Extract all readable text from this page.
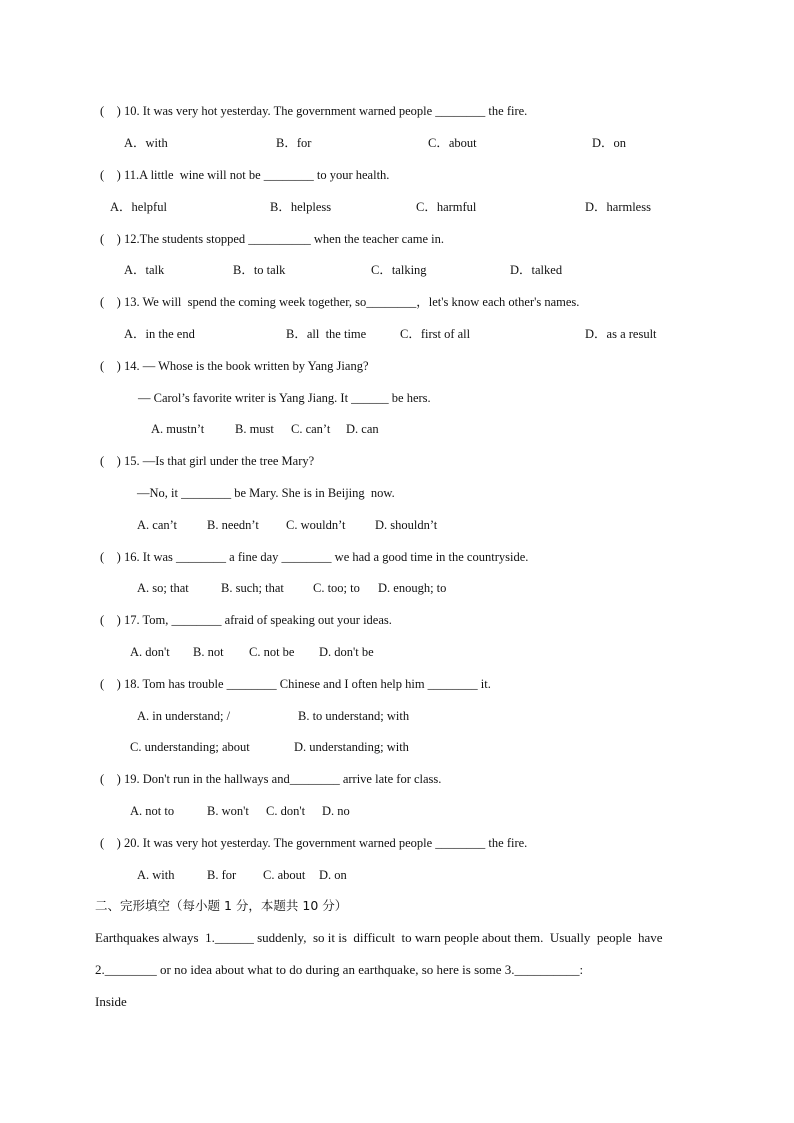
(    ) 10. It was very hot yesterday. The government warned people ________ the fire.
A．with	B．for	C．about	D．on
(    ) 11.A little  wine will not be ________ to your health.
A．helpful	B．helpless	C．harmful	D．harmless
(    ) 12.The students stopped __________ when the teacher came in.
A．talk	B．to talk	C．talking	D．talked
(    ) 13. We will  spend the coming week together, so________，let's know each other's names.
A．in the end	B．all  the time	C．first of all	D．as a result
(    ) 14. — Whose is the book written by Yang Jiang?
— Carol’s favorite writer is Yang Jiang. It ______ be hers.
A. mustn’t B. must C. can’t D. can
(    ) 15. —Is that girl under the tree Mary?
—No, it ________ be Mary. She is in Beijing  now.
A. can’t B. needn’t C. wouldn’t D. shouldn’t
(    ) 16. It was ________ a fine day ________ we had a good time in the countryside.
A. so; that	B. such; that C. too; to D. enough; to
(    ) 17. Tom, ________ afraid of speaking out your ideas.
A. don't B. not C. not be D. don't be
(    ) 18. Tom has trouble ________ Chinese and I often help him ________ it.
A. in understand; /	B. to understand; with
C. understanding; about	D. understanding; with
(    ) 19. Don't run in the hallways and________ arrive late for class.
A. not to	B. won't C. don't D. no
(    ) 20. It was very hot yesterday. The government warned people ________ the fire.
A. with	B. for C. about D. on
二、完形填空（每小题 1 分，本题共 10 分）
Earthquakes always  1.______ suddenly,  so it is  difficult  to warn people about them.  Usually  people  have
2.________ or no idea about what to do during an earthquake, so here is some 3.__________:
Inside
